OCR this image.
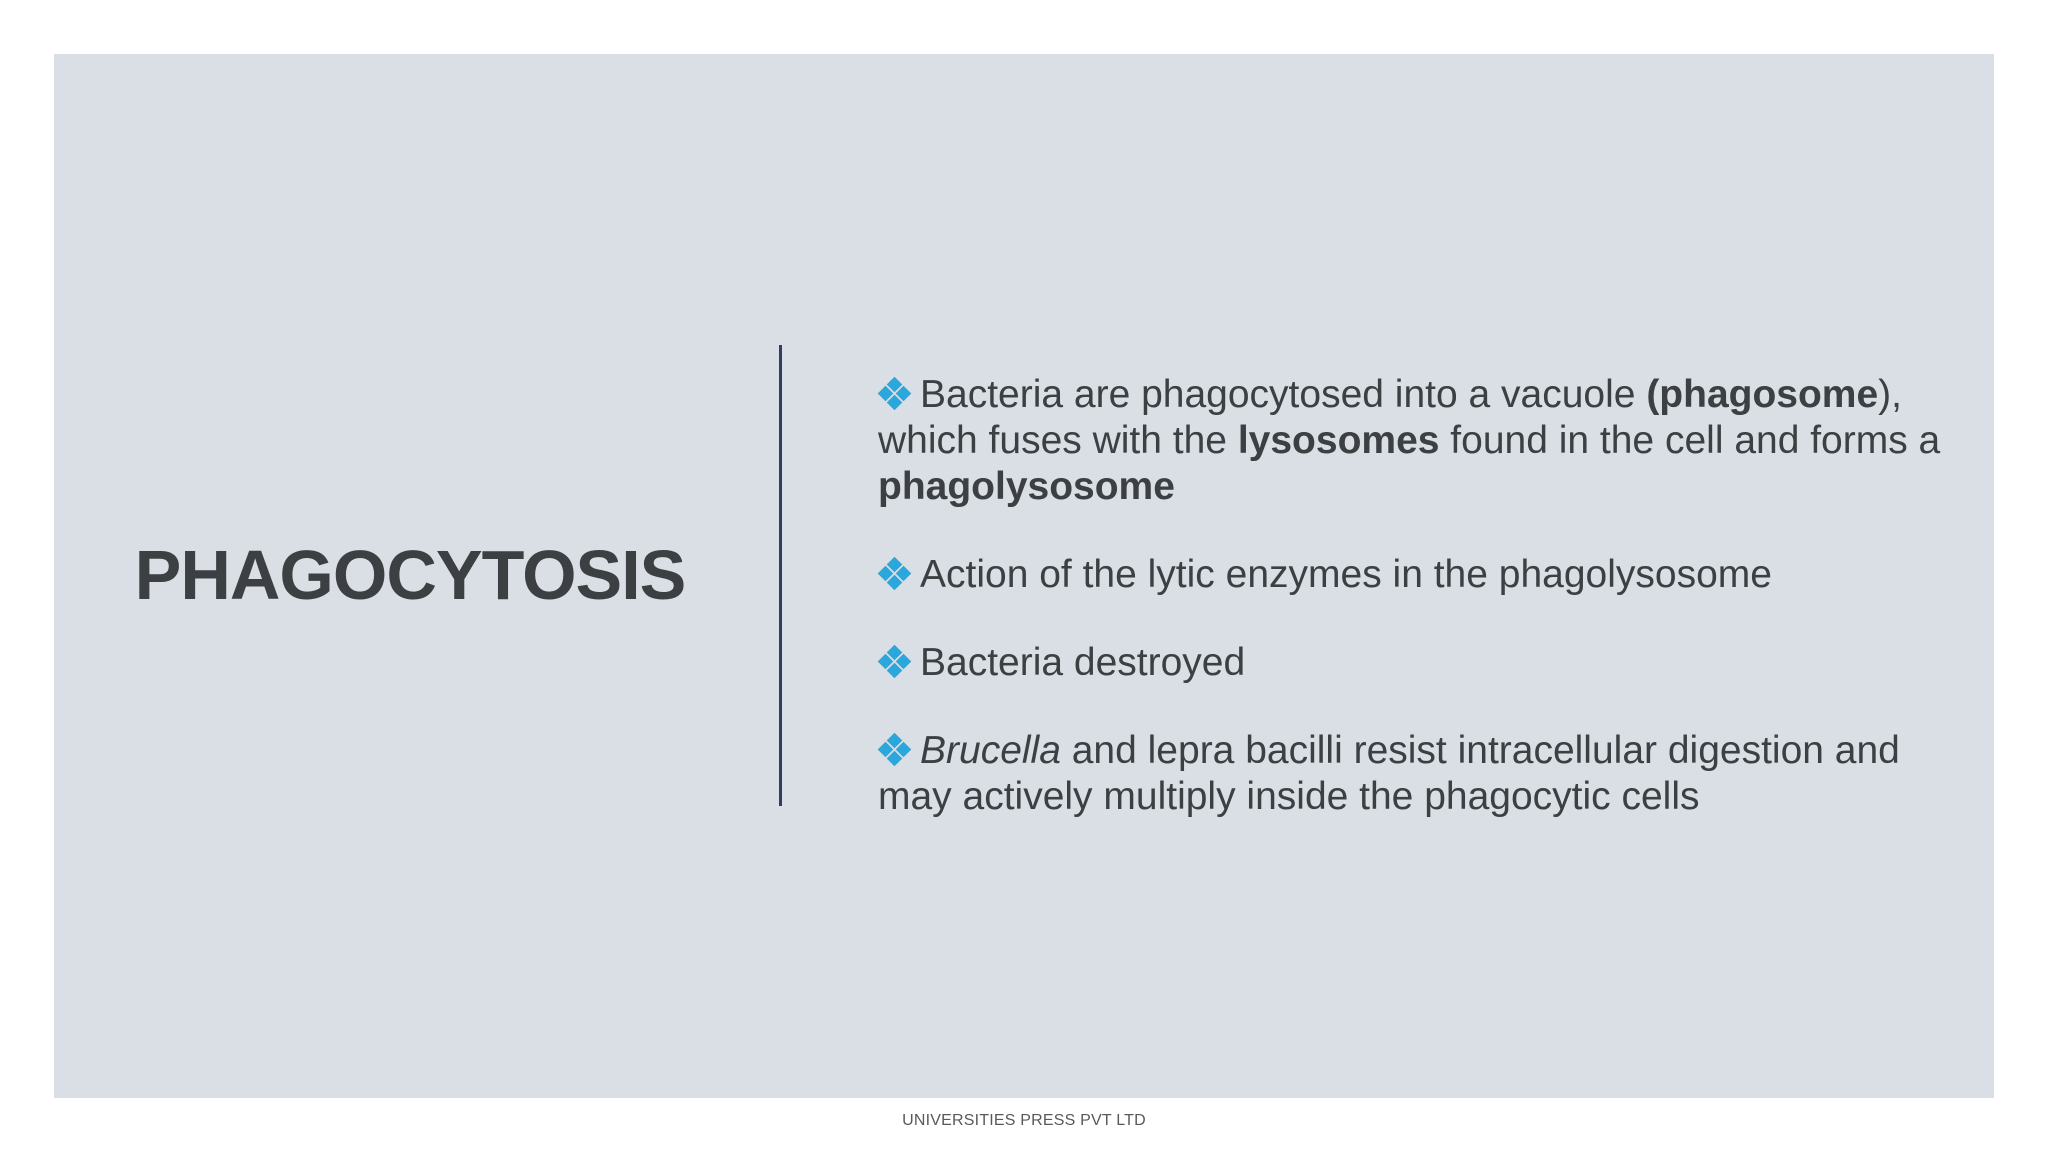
PHAGOCYTOSIS
Bacteria are phagocytosed into a vacuole (phagosome), which fuses with the lysosomes found in the cell and forms a phagolysosome
Action of the lytic enzymes in the phagolysosome
Bacteria destroyed
Brucella and lepra bacilli resist intracellular digestion and may actively multiply inside the phagocytic cells
UNIVERSITIES PRESS PVT LTD
